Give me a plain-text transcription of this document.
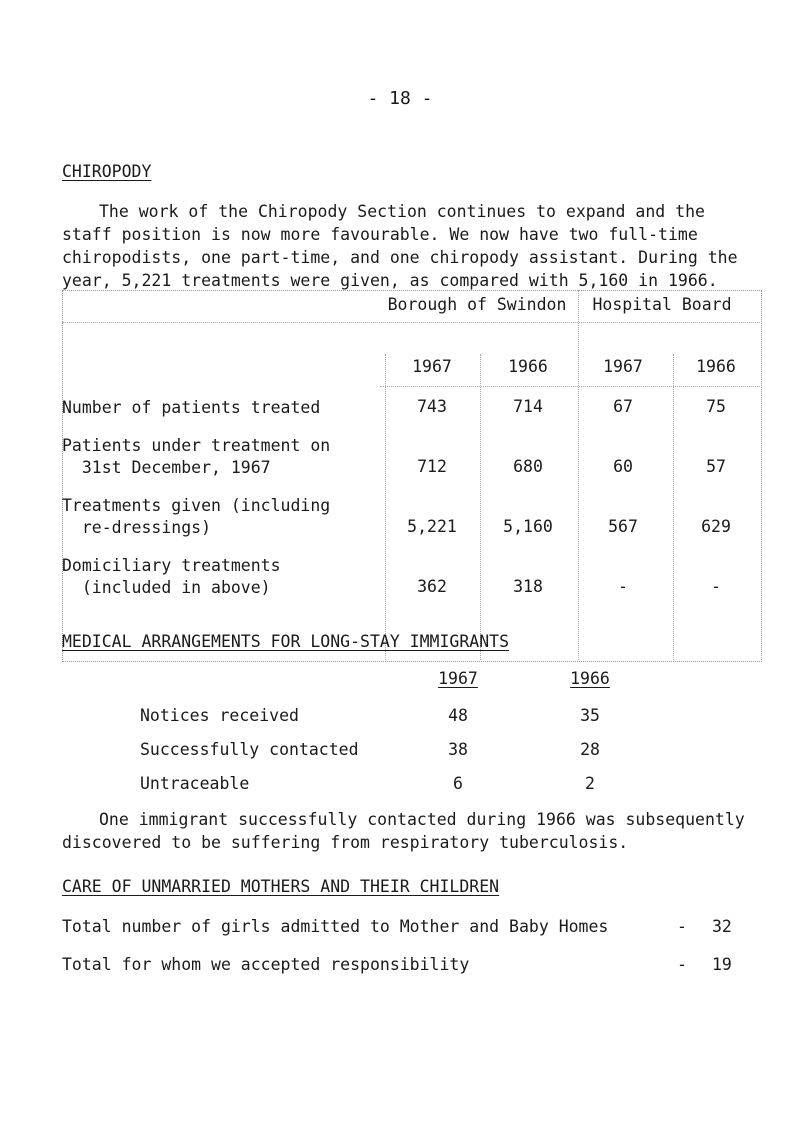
- 18 -
CHIROPODY
The work of the Chiropody Section continues to expand and the
staff position is now more favourable. We now have two full-time
chiropodists, one part-time, and one chiropody assistant. During the
year, 5,221 treatments were given, as compared with 5,160 in 1966.
Borough of Swindon	Hospital Board
1967	1966	1967	1966
Number of patients treated	743	714	67	75
Patients under treatment on
31st December, 1967	712	680	60	57
Treatments given (including
re-dressings)	5,221	5,160	567	629
Domiciliary treatments
(included in above)	362	318	-	-
MEDICAL ARRANGEMENTS FOR LONG-STAY IMMIGRANTS
1967	1966
Notices received	48	35
Successfully contacted	38	28
Untraceable	6	2
One immigrant successfully contacted during 1966 was subsequently
discovered to be suffering from respiratory tuberculosis.
CARE OF UNMARRIED MOTHERS AND THEIR CHILDREN
Total number of girls admitted to Mother and Baby Homes	- 32
Total for whom we accepted responsibility	- 19
